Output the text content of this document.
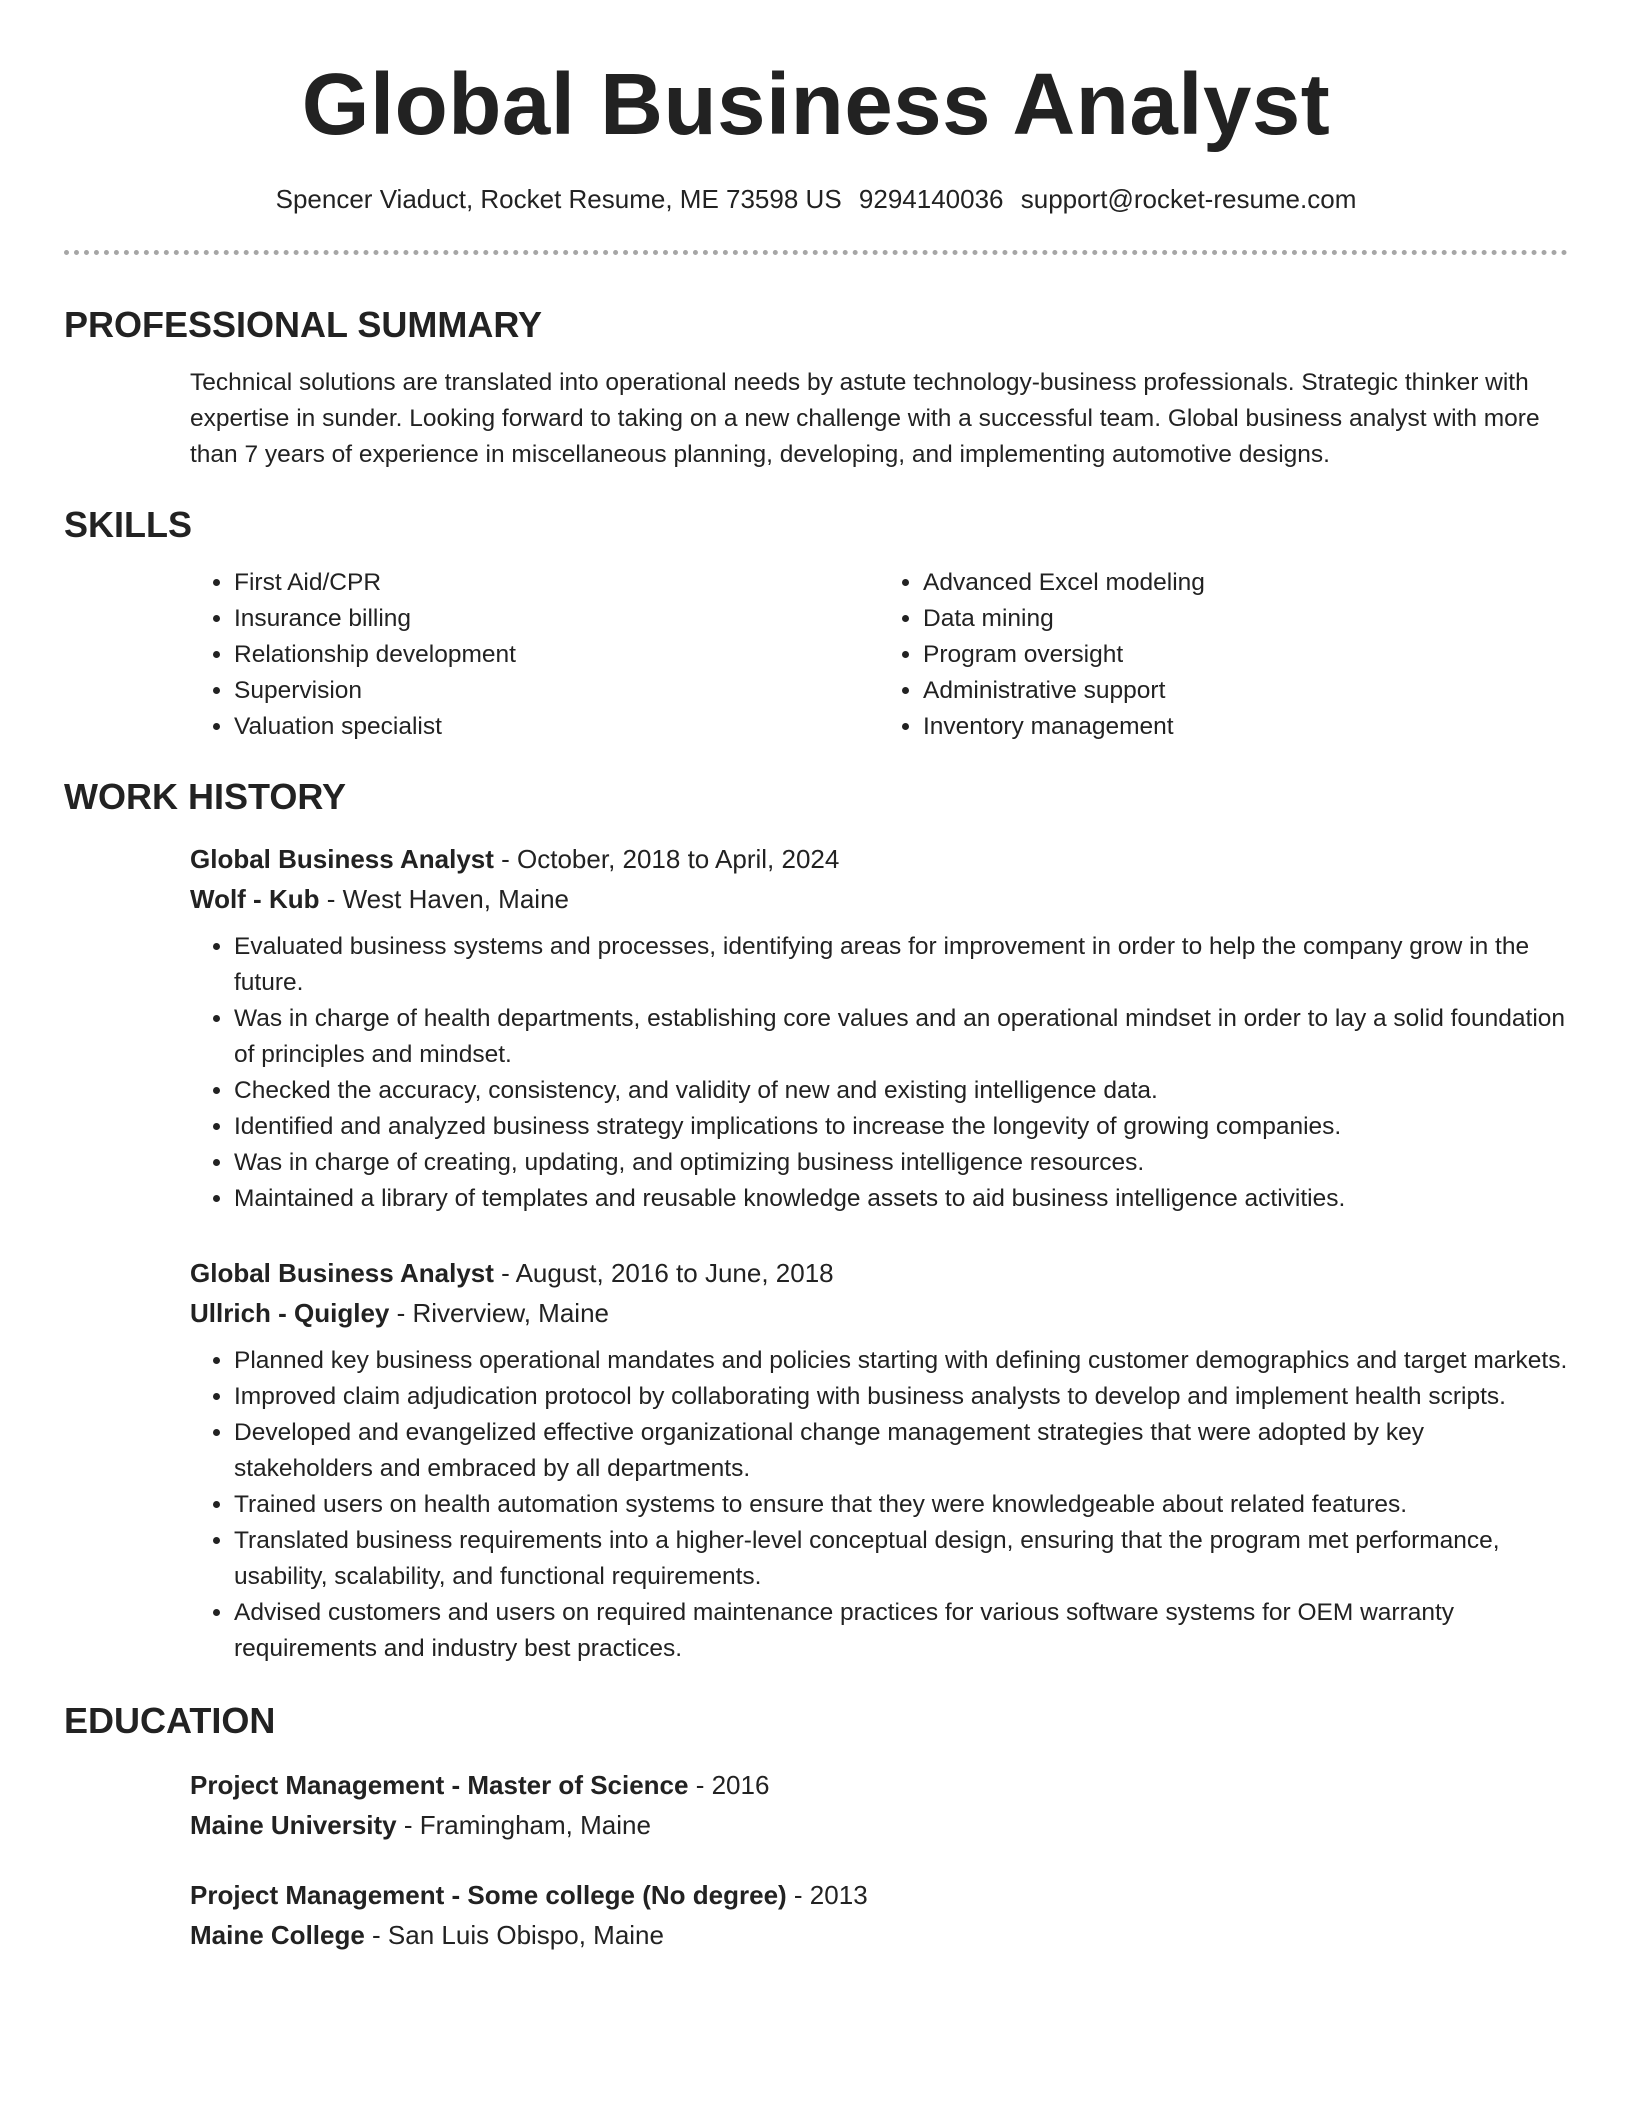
Global Business Analyst
Spencer Viaduct, Rocket Resume, ME 73598 US 9294140036 support@rocket-resume.com
PROFESSIONAL SUMMARY
Technical solutions are translated into operational needs by astute technology-business professionals. Strategic thinker with expertise in sunder. Looking forward to taking on a new challenge with a successful team. Global business analyst with more than 7 years of experience in miscellaneous planning, developing, and implementing automotive designs.
SKILLS
• First Aid/CPR
• Insurance billing
• Relationship development
• Supervision
• Valuation specialist
• Advanced Excel modeling
• Data mining
• Program oversight
• Administrative support
• Inventory management
WORK HISTORY
Global Business Analyst - October, 2018 to April, 2024
Wolf - Kub - West Haven, Maine
• Evaluated business systems and processes, identifying areas for improvement in order to help the company grow in the future.
• Was in charge of health departments, establishing core values and an operational mindset in order to lay a solid foundation of principles and mindset.
• Checked the accuracy, consistency, and validity of new and existing intelligence data.
• Identified and analyzed business strategy implications to increase the longevity of growing companies.
• Was in charge of creating, updating, and optimizing business intelligence resources.
• Maintained a library of templates and reusable knowledge assets to aid business intelligence activities.
Global Business Analyst - August, 2016 to June, 2018
Ullrich - Quigley - Riverview, Maine
• Planned key business operational mandates and policies starting with defining customer demographics and target markets.
• Improved claim adjudication protocol by collaborating with business analysts to develop and implement health scripts.
• Developed and evangelized effective organizational change management strategies that were adopted by key stakeholders and embraced by all departments.
• Trained users on health automation systems to ensure that they were knowledgeable about related features.
• Translated business requirements into a higher-level conceptual design, ensuring that the program met performance, usability, scalability, and functional requirements.
• Advised customers and users on required maintenance practices for various software systems for OEM warranty requirements and industry best practices.
EDUCATION
Project Management - Master of Science - 2016
Maine University - Framingham, Maine
Project Management - Some college (No degree) - 2013
Maine College - San Luis Obispo, Maine
